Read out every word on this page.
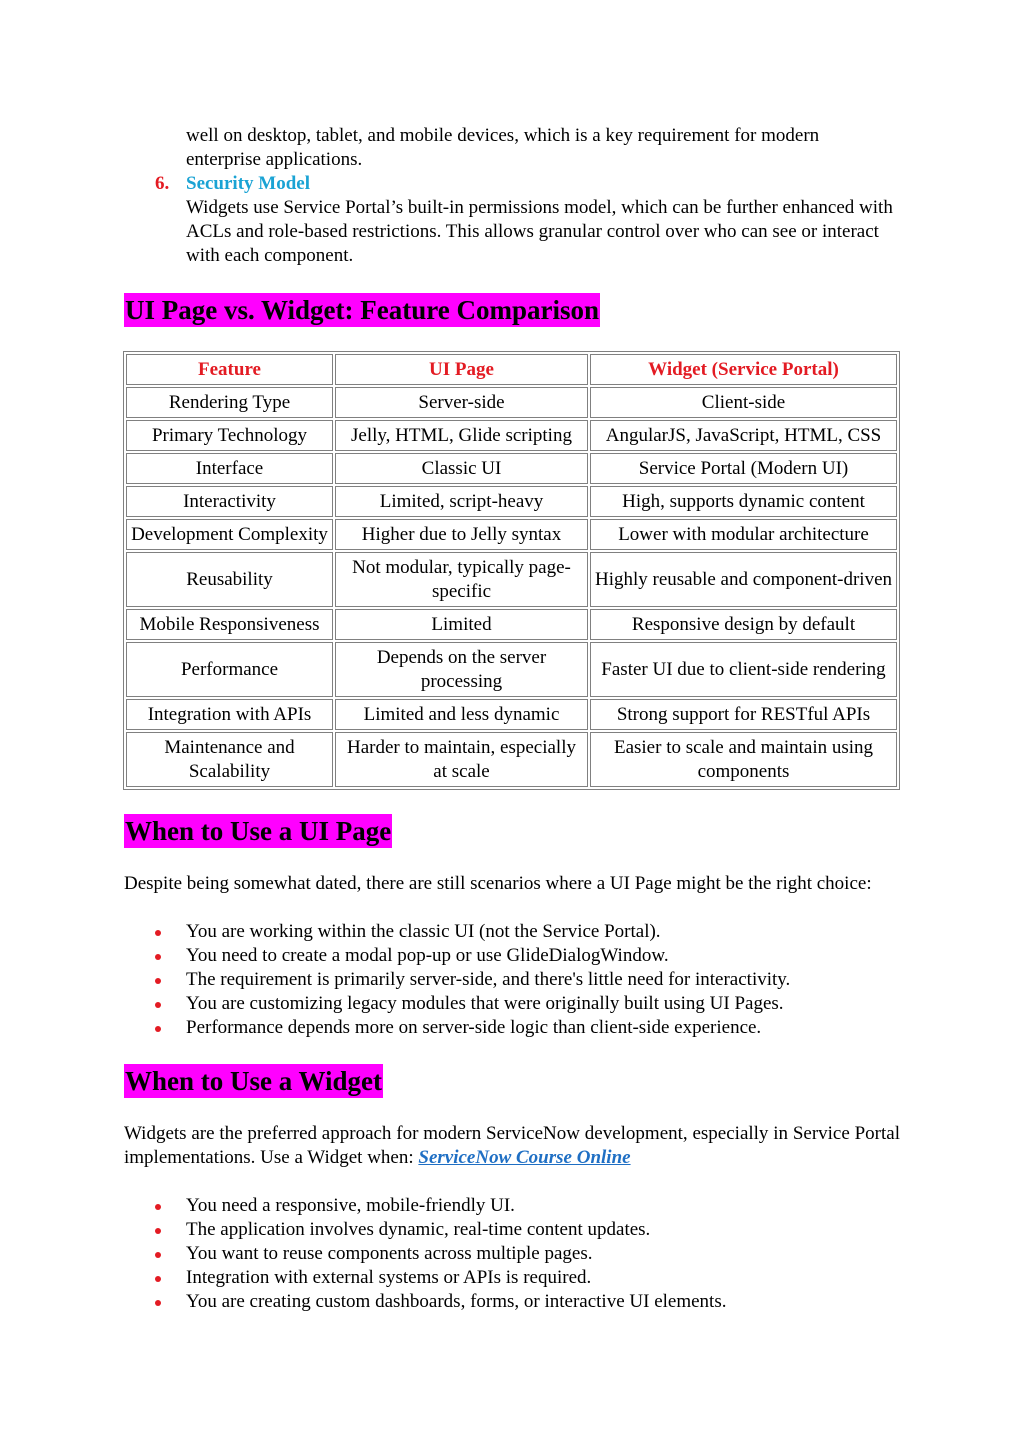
well on desktop, tablet, and mobile devices, which is a key requirement for modern
enterprise applications.
6. Security Model
Widgets use Service Portal’s built-in permissions model, which can be further enhanced with ACLs and role-based restrictions. This allows granular control over who can see or interact with each component.
UI Page vs. Widget: Feature Comparison
Feature	UI Page	Widget (Service Portal)
Rendering Type	Server-side	Client-side
Primary Technology	Jelly, HTML, Glide scripting	AngularJS, JavaScript, HTML, CSS
Interface	Classic UI	Service Portal (Modern UI)
Interactivity	Limited, script-heavy	High, supports dynamic content
Development Complexity	Higher due to Jelly syntax	Lower with modular architecture
Reusability	Not modular, typically page-specific	Highly reusable and component-driven
Mobile Responsiveness	Limited	Responsive design by default
Performance	Depends on the server processing	Faster UI due to client-side rendering
Integration with APIs	Limited and less dynamic	Strong support for RESTful APIs
Maintenance and Scalability	Harder to maintain, especially at scale	Easier to scale and maintain using components
When to Use a UI Page
Despite being somewhat dated, there are still scenarios where a UI Page might be the right choice:
You are working within the classic UI (not the Service Portal).
You need to create a modal pop-up or use GlideDialogWindow.
The requirement is primarily server-side, and there's little need for interactivity.
You are customizing legacy modules that were originally built using UI Pages.
Performance depends more on server-side logic than client-side experience.
When to Use a Widget
Widgets are the preferred approach for modern ServiceNow development, especially in Service Portal implementations. Use a Widget when: ServiceNow Course Online
You need a responsive, mobile-friendly UI.
The application involves dynamic, real-time content updates.
You want to reuse components across multiple pages.
Integration with external systems or APIs is required.
You are creating custom dashboards, forms, or interactive UI elements.
